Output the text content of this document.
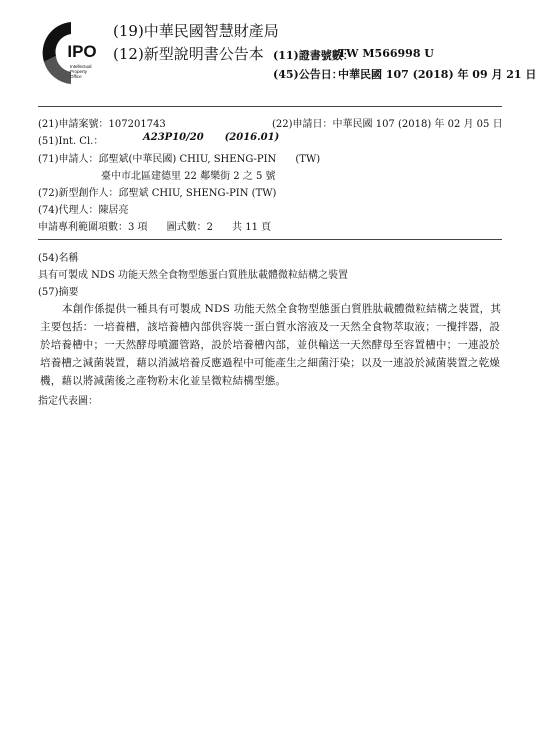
IPO
Intellectual
Property
Office
(19)中華民國智慧財產局
(12)新型說明書公告本 (11)證書號數：
TW M566998 U
(45)公告日：
中華民國 107 (2018) 年 09 月 21 日
(21)申請案號：107201743	(22)申請日：中華民國 107 (2018) 年 02 月 05 日
(51)Int. Cl.：	A23P10/20      (2016.01)
(71)申請人：邱聖斌(中華民國) CHIU, SHENG-PIN      (TW)
臺中市北區建德里 22 鄰樂街 2 之 5 號
(72)新型創作人：邱聖斌 CHIU, SHENG-PIN (TW)
(74)代理人：陳居亮
申請專利範圍項數：3 項      圖式數：2      共 11 頁
(54)名稱
具有可製成 NDS 功能天然全食物型態蛋白質胜肽載體微粒結構之裝置
(57)摘要
本創作係提供一種具有可製成 NDS 功能天然全食物型態蛋白質胜肽載體微粒結構之裝置，其主要包括：一培養槽，該培養槽內部供容裝一蛋白質水溶液及一天然全食物萃取液；一攪拌器，設於培養槽中；一天然酵母噴灑管路，設於培養槽內部，並供輸送一天然酵母至容置槽中；一連設於培養槽之減菌裝置，藉以消滅培養反應過程中可能產生之細菌汙染；以及一連設於減菌裝置之乾燥機，藉以將減菌後之產物粉末化並呈微粒結構型態。
指定代表圖：
